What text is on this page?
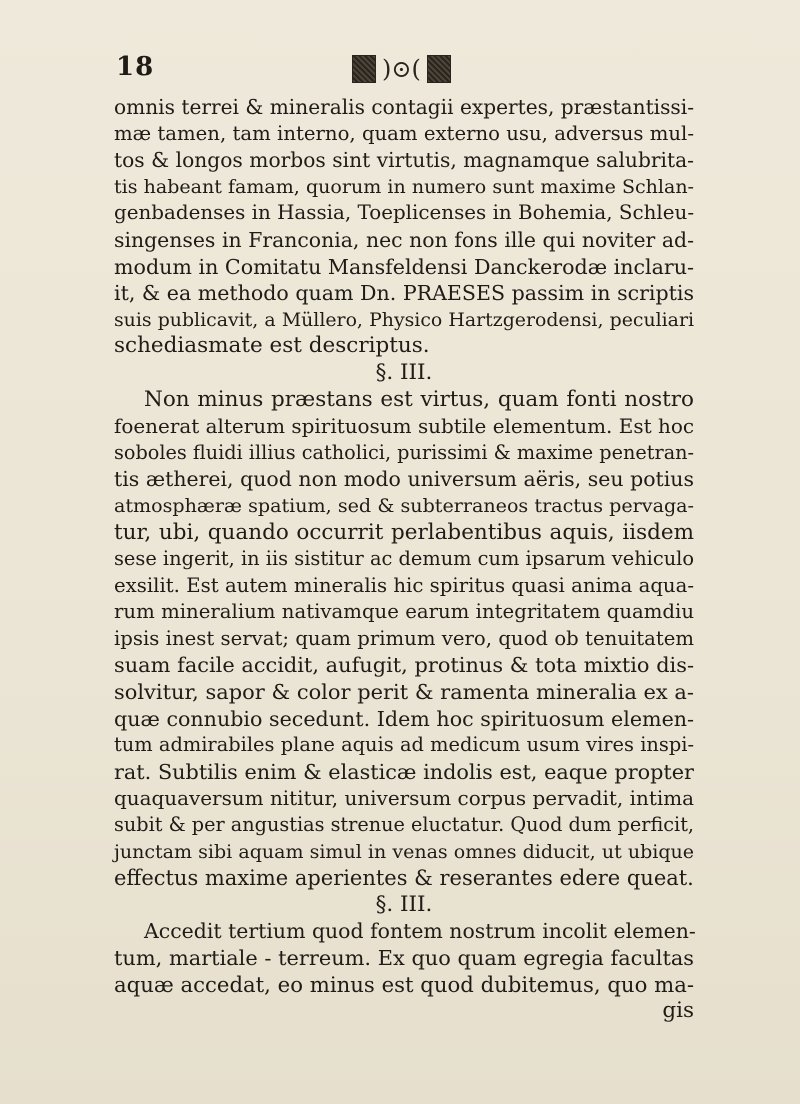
18	)⊙(
omnis terrei & mineralis contagii expertes, præstantissi-
mæ tamen, tam interno, quam externo usu, adversus mul-
tos & longos morbos sint virtutis, magnamque salubrita-
tis habeant famam, quorum in numero sunt maxime Schlan-
genbadenses in Hassia, Toeplicenses in Bohemia, Schleu-
singenses in Franconia, nec non fons ille qui noviter ad-
modum in Comitatu Mansfeldensi Danckerodæ inclaru-
it, & ea methodo quam Dn. PRAESES passim in scriptis
suis publicavit, a Müllero, Physico Hartzgerodensi, peculiari
schediasmate est descriptus.
§. III.
Non minus præstans est virtus, quam fonti nostro
foenerat alterum spirituosum subtile elementum. Est hoc
soboles fluidi illius catholici, purissimi & maxime penetran-
tis ætherei, quod non modo universum aëris, seu potius
atmosphæræ spatium, sed & subterraneos tractus pervaga-
tur, ubi, quando occurrit perlabentibus aquis, iisdem
sese ingerit, in iis sistitur ac demum cum ipsarum vehiculo
exsilit. Est autem mineralis hic spiritus quasi anima aqua-
rum mineralium nativamque earum integritatem quamdiu
ipsis inest servat; quam primum vero, quod ob tenuitatem
suam facile accidit, aufugit, protinus & tota mixtio dis-
solvitur, sapor & color perit & ramenta mineralia ex a-
quæ connubio secedunt. Idem hoc spirituosum elemen-
tum admirabiles plane aquis ad medicum usum vires inspi-
rat. Subtilis enim & elasticæ indolis est, eaque propter
quaquaversum nititur, universum corpus pervadit, intima
subit & per angustias strenue eluctatur. Quod dum perficit,
junctam sibi aquam simul in venas omnes diducit, ut ubique
effectus maxime aperientes & reserantes edere queat.
§. III.
Accedit tertium quod fontem nostrum incolit elemen-
tum, martiale - terreum. Ex quo quam egregia facultas
aquæ accedat, eo minus est quod dubitemus, quo ma-
gis
